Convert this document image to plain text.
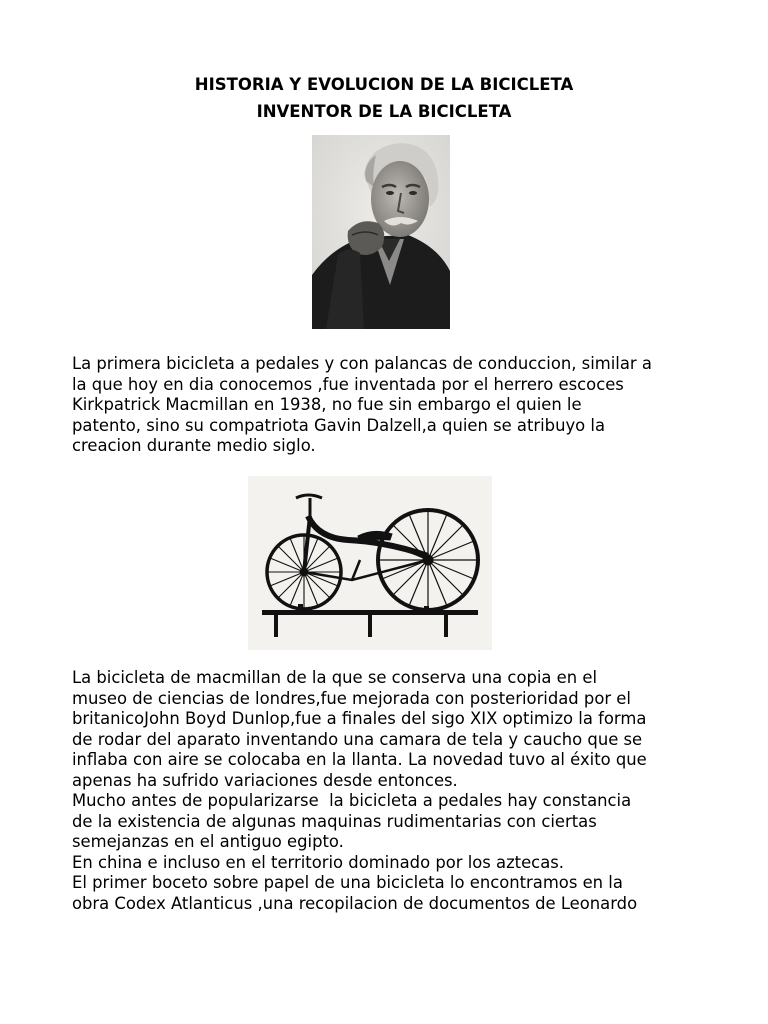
HISTORIA Y EVOLUCION DE LA BICICLETA
INVENTOR DE LA BICICLETA

La primera bicicleta a pedales y con palancas de conduccion, similar a
la que hoy en dia conocemos ,fue inventada por el herrero escoces
Kirkpatrick Macmillan en 1938, no fue sin embargo el quien le
patento, sino su compatriota Gavin Dalzell,a quien se atribuyo la
creacion durante medio siglo.

La bicicleta de macmillan de la que se conserva una copia en el
museo de ciencias de londres,fue mejorada con posterioridad por el
britanicoJohn Boyd Dunlop,fue a finales del sigo XIX optimizo la forma
de rodar del aparato inventando una camara de tela y caucho que se
inflaba con aire se colocaba en la llanta. La novedad tuvo al éxito que
apenas ha sufrido variaciones desde entonces.
Mucho antes de popularizarse  la bicicleta a pedales hay constancia
de la existencia de algunas maquinas rudimentarias con ciertas
semejanzas en el antiguo egipto.
En china e incluso en el territorio dominado por los aztecas.
El primer boceto sobre papel de una bicicleta lo encontramos en la
obra Codex Atlanticus ,una recopilacion de documentos de Leonardo
